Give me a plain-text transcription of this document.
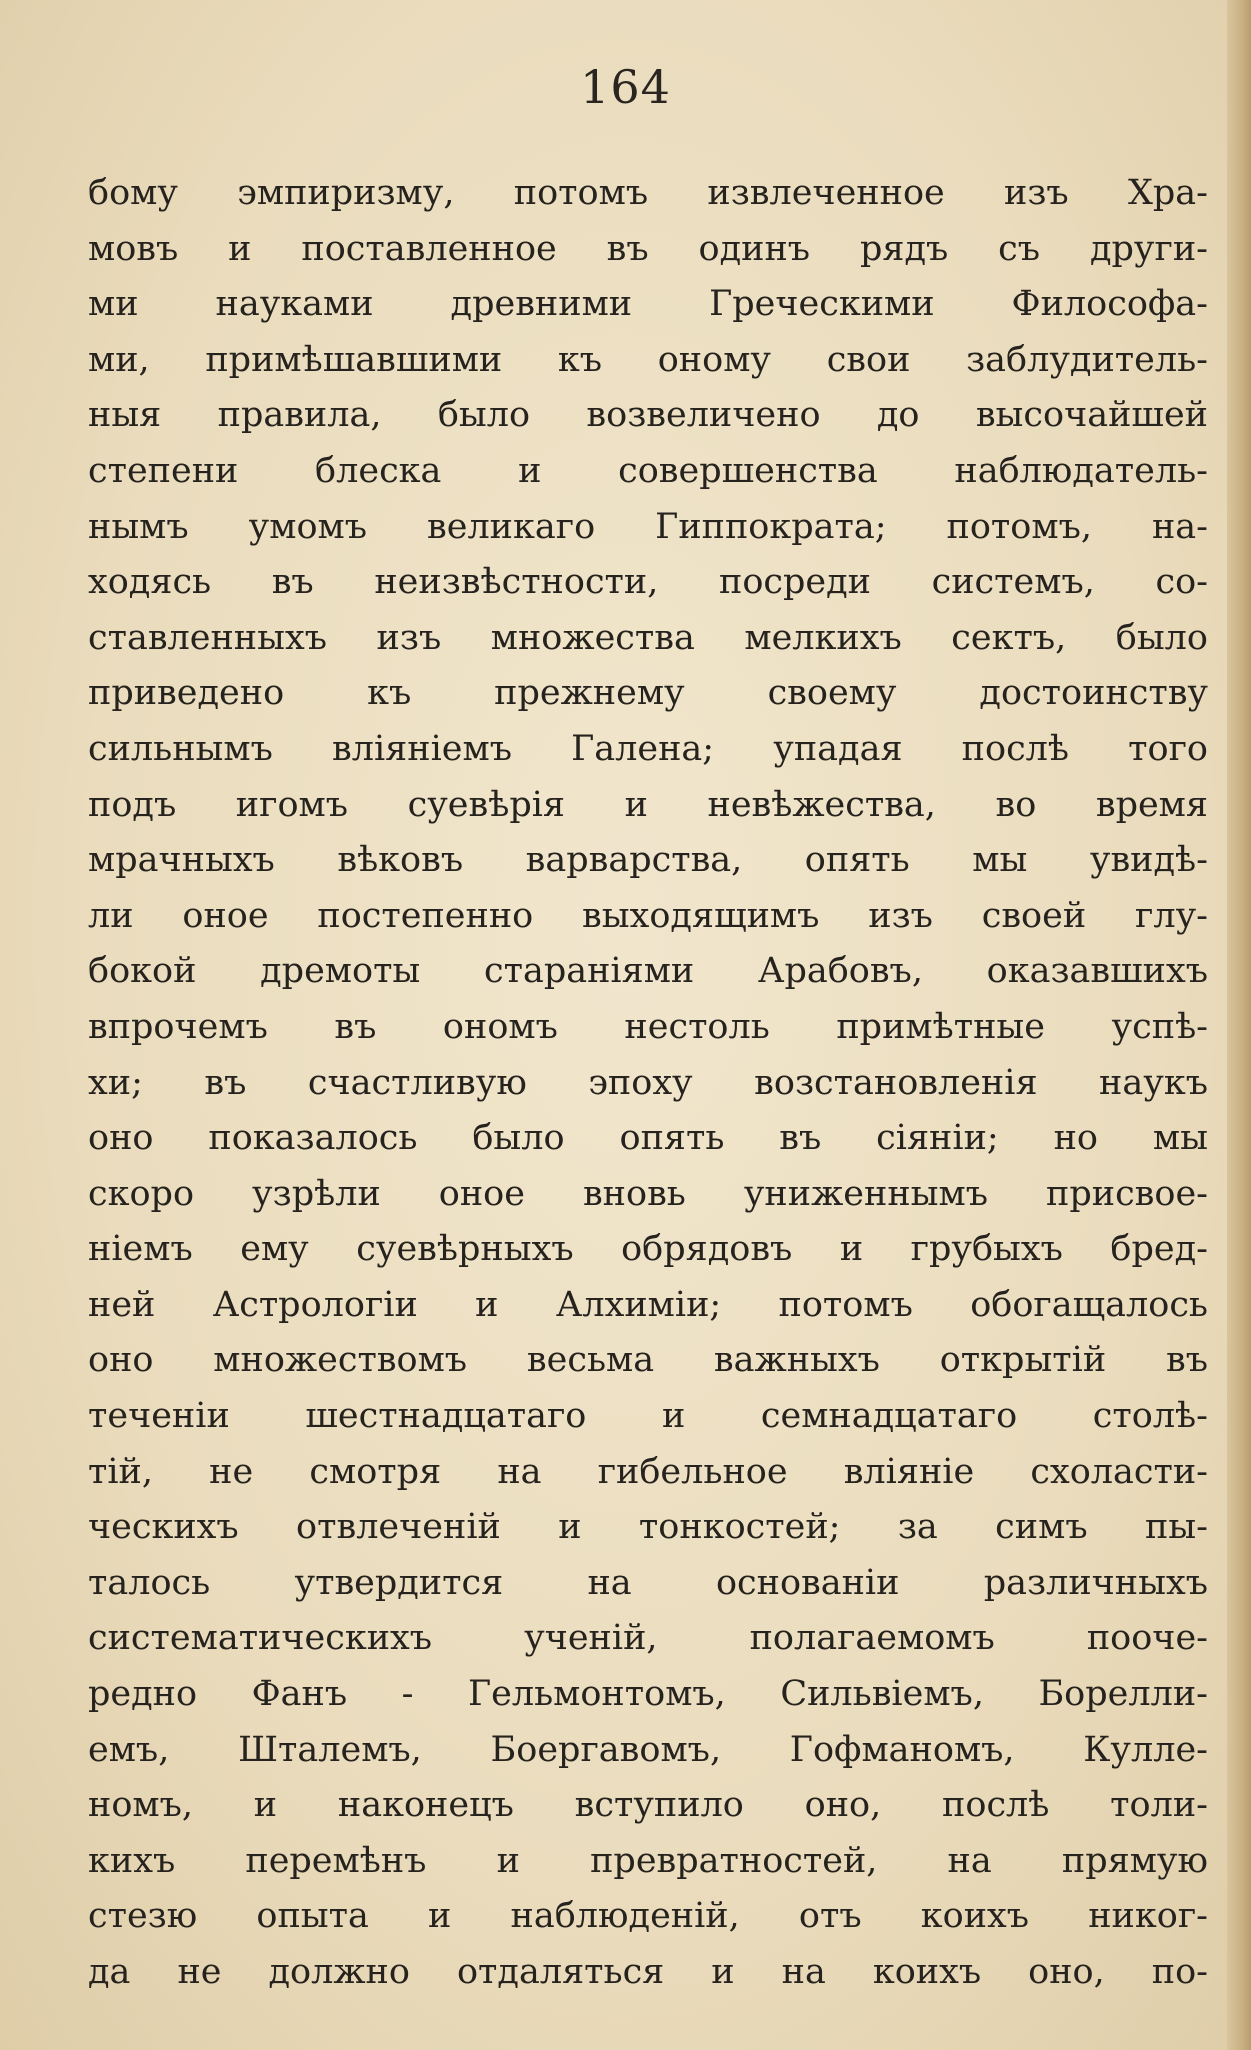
164
бому эмпиризму, потомъ извлеченное изъ Хра-
мовъ и поставленное въ одинъ рядъ съ други-
ми науками древними Греческими Философа-
ми, примѣшавшими къ оному свои заблудитель-
ныя правила, было возвеличено до высочайшей
степени блеска и совершенства наблюдатель-
нымъ умомъ великаго Гиппократа; потомъ, на-
ходясь въ неизвѣстности, посреди системъ, со-
ставленныхъ изъ множества мелкихъ сектъ, было
приведено къ прежнему своему достоинству
сильнымъ вліяніемъ Галена; упадая послѣ того
подъ игомъ суевѣрія и невѣжества, во время
мрачныхъ вѣковъ варварства, опять мы увидѣ-
ли оное постепенно выходящимъ изъ своей глу-
бокой дремоты стараніями Арабовъ, оказавшихъ
впрочемъ въ ономъ нестоль примѣтные успѣ-
хи; въ счастливую эпоху возстановленія наукъ
оно показалось было опять въ сіяніи; но мы
скоро узрѣли оное вновь униженнымъ присвое-
ніемъ ему суевѣрныхъ обрядовъ и грубыхъ бред-
ней Астрологіи и Алхиміи; потомъ обогащалось
оно множествомъ весьма важныхъ открытій въ
теченіи шестнадцатаго и семнадцатаго столѣ-
тій, не смотря на гибельное вліяніе схоласти-
ческихъ отвлеченій и тонкостей; за симъ пы-
талось утвердится на основаніи различныхъ
систематическихъ ученій, полагаемомъ пооче-
редно Фанъ - Гельмонтомъ, Сильвіемъ, Борелли-
емъ, Шталемъ, Боергавомъ, Гофманомъ, Кулле-
номъ, и наконецъ вступило оно, послѣ толи-
кихъ перемѣнъ и превратностей, на прямую
стезю опыта и наблюденій, отъ коихъ никог-
да не должно отдаляться и на коихъ оно, по-
